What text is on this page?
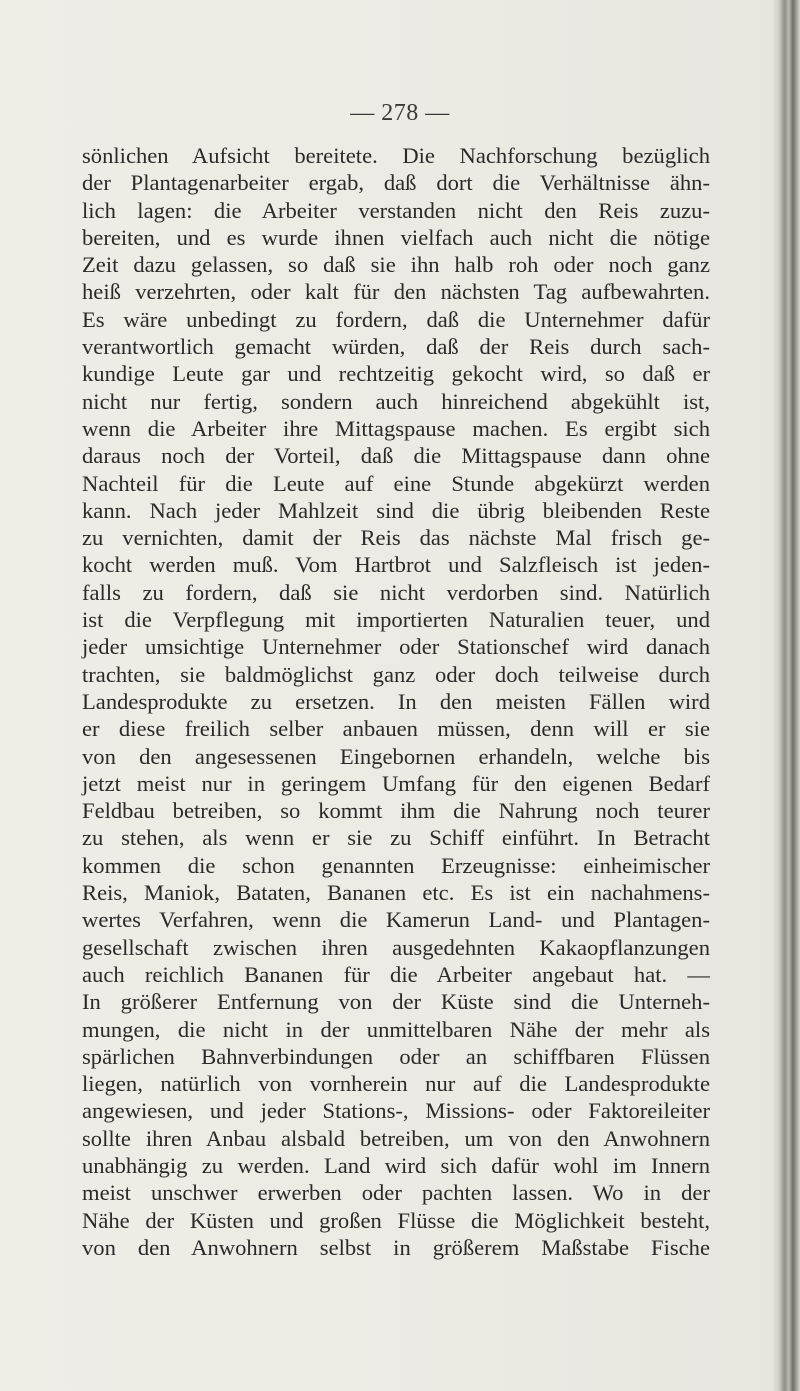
— 278 —
sönlichen Aufsicht bereitete. Die Nachforschung bezüglich
der Plantagenarbeiter ergab, daß dort die Verhältnisse ähn-
lich lagen: die Arbeiter verstanden nicht den Reis zuzu-
bereiten, und es wurde ihnen vielfach auch nicht die nötige
Zeit dazu gelassen, so daß sie ihn halb roh oder noch ganz
heiß verzehrten, oder kalt für den nächsten Tag aufbewahrten.
Es wäre unbedingt zu fordern, daß die Unternehmer dafür
verantwortlich gemacht würden, daß der Reis durch sach-
kundige Leute gar und rechtzeitig gekocht wird, so daß er
nicht nur fertig, sondern auch hinreichend abgekühlt ist,
wenn die Arbeiter ihre Mittagspause machen. Es ergibt sich
daraus noch der Vorteil, daß die Mittagspause dann ohne
Nachteil für die Leute auf eine Stunde abgekürzt werden
kann. Nach jeder Mahlzeit sind die übrig bleibenden Reste
zu vernichten, damit der Reis das nächste Mal frisch ge-
kocht werden muß. Vom Hartbrot und Salzfleisch ist jeden-
falls zu fordern, daß sie nicht verdorben sind. Natürlich
ist die Verpflegung mit importierten Naturalien teuer, und
jeder umsichtige Unternehmer oder Stationschef wird danach
trachten, sie baldmöglichst ganz oder doch teilweise durch
Landesprodukte zu ersetzen. In den meisten Fällen wird
er diese freilich selber anbauen müssen, denn will er sie
von den angesessenen Eingebornen erhandeln, welche bis
jetzt meist nur in geringem Umfang für den eigenen Bedarf
Feldbau betreiben, so kommt ihm die Nahrung noch teurer
zu stehen, als wenn er sie zu Schiff einführt. In Betracht
kommen die schon genannten Erzeugnisse: einheimischer
Reis, Maniok, Bataten, Bananen etc. Es ist ein nachahmens-
wertes Verfahren, wenn die Kamerun Land- und Plantagen-
gesellschaft zwischen ihren ausgedehnten Kakaopflanzungen
auch reichlich Bananen für die Arbeiter angebaut hat. —
In größerer Entfernung von der Küste sind die Unterneh-
mungen, die nicht in der unmittelbaren Nähe der mehr als
spärlichen Bahnverbindungen oder an schiffbaren Flüssen
liegen, natürlich von vornherein nur auf die Landesprodukte
angewiesen, und jeder Stations-, Missions- oder Faktoreileiter
sollte ihren Anbau alsbald betreiben, um von den Anwohnern
unabhängig zu werden. Land wird sich dafür wohl im Innern
meist unschwer erwerben oder pachten lassen. Wo in der
Nähe der Küsten und großen Flüsse die Möglichkeit besteht,
von den Anwohnern selbst in größerem Maßstabe Fische
